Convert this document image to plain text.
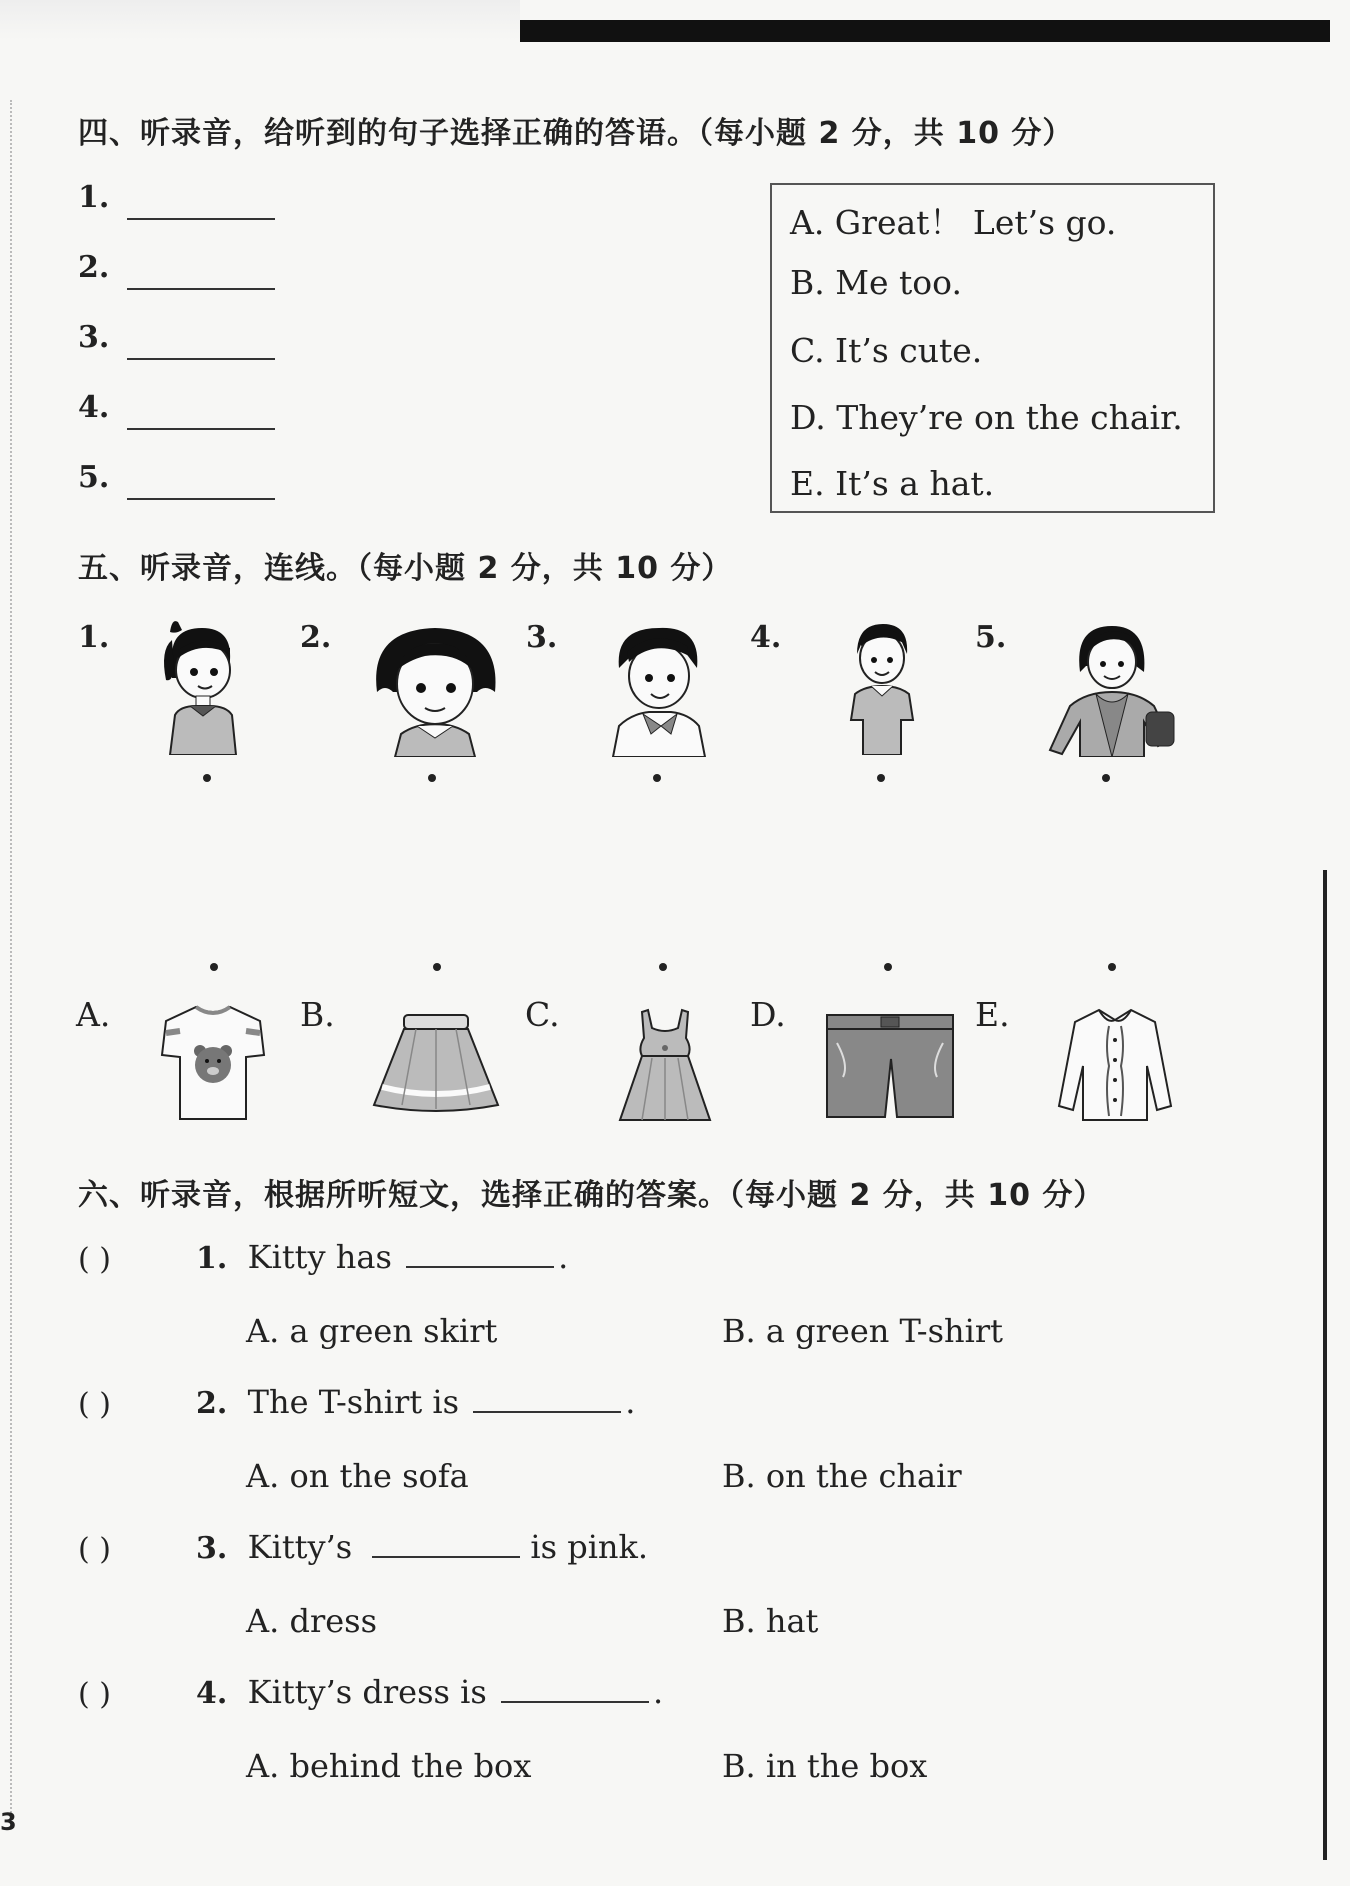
四、听录音，给听到的句子选择正确的答语。（每小题 2 分，共 10 分）
1.
2.
3.
4.
5.
A. Great！ Let’s go.
B. Me too.
C. It’s cute.
D. They’re on the chair.
E. It’s a hat.
五、听录音，连线。（每小题 2 分，共 10 分）
1.	2.	3.	4.	5.
A.	B.	C.	D.	E.
六、听录音，根据所听短文，选择正确的答案。（每小题 2 分，共 10 分）
( )	1. Kitty has	.
A. a green skirt	B. a green T-shirt
( )	2. The T-shirt is	.
A. on the sofa	B. on the chair
( )	3. Kitty’s	is pink.
A. dress	B. hat
( )	4. Kitty’s dress is	.
A. behind the box	B. in the box
3
